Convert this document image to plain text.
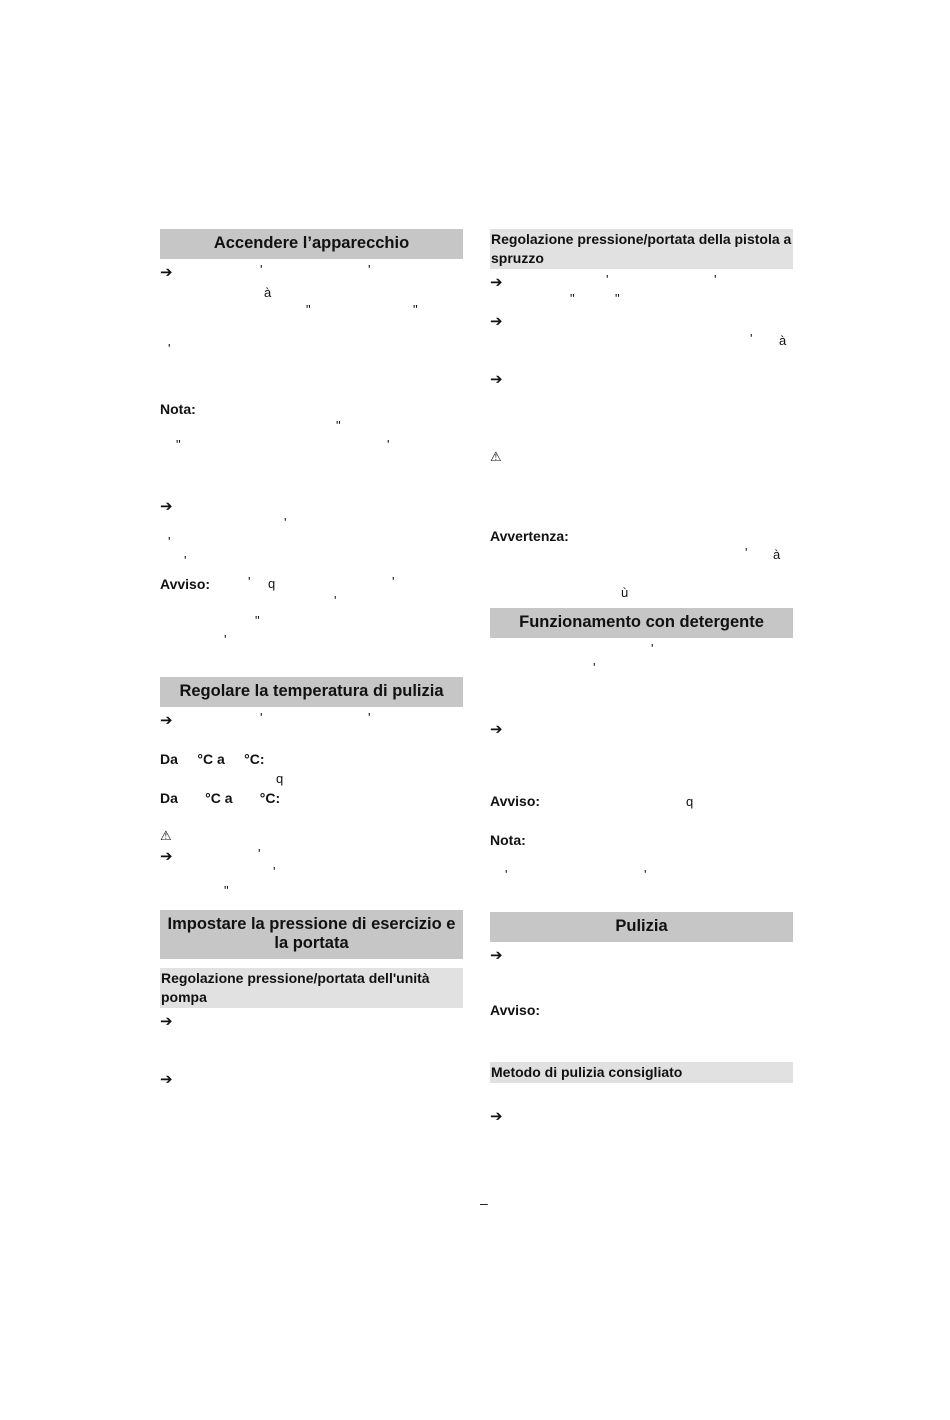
Accendere l’apparecchio
➔	'	'
à
"	"
'
Nota:
"
"	'
➔
'
'
'
Avviso:	' q	'
'
"
'
Regolare la temperatura di pulizia
➔	'	'
Da     °C a     °C:
q
Da       °C a       °C:
⚠
➔	'
'
"
Impostare la pressione di esercizio e la portata
Regolazione pressione/portata dell'unità pompa
➔
➔
Regolazione pressione/portata della pistola a spruzzo
➔	'	'
"	"
➔
' à
➔
⚠
Avvertenza:
' à
ù
Funzionamento con detergente
'
'
➔
Avviso:	q
Nota:
'	'
Pulizia
➔
Avviso:
Metodo di pulizia consigliato
➔
–
